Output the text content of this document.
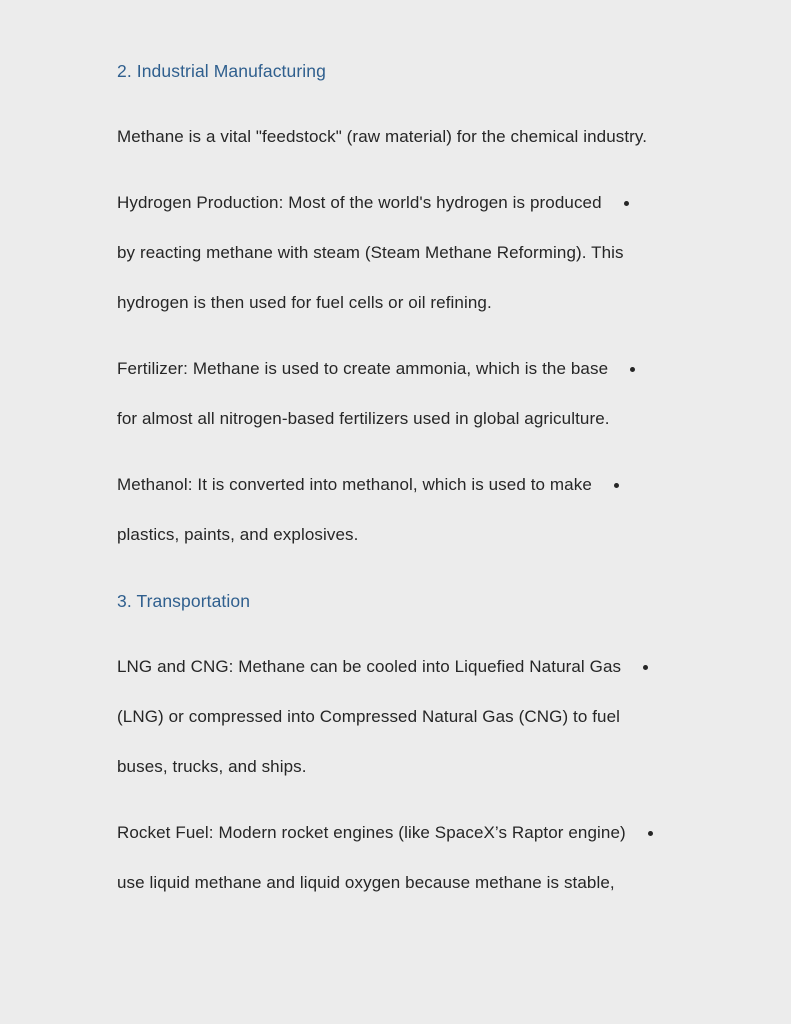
2. Industrial Manufacturing
Methane is a vital "feedstock" (raw material) for the chemical industry.
Hydrogen Production: Most of the world's hydrogen is produced
by reacting methane with steam (Steam Methane Reforming). This
hydrogen is then used for fuel cells or oil refining.
Fertilizer: Methane is used to create ammonia, which is the base
for almost all nitrogen-based fertilizers used in global agriculture.
Methanol: It is converted into methanol, which is used to make
plastics, paints, and explosives.
3. Transportation
LNG and CNG: Methane can be cooled into Liquefied Natural Gas
(LNG) or compressed into Compressed Natural Gas (CNG) to fuel
buses, trucks, and ships.
Rocket Fuel: Modern rocket engines (like SpaceX’s Raptor engine)
use liquid methane and liquid oxygen because methane is stable,
